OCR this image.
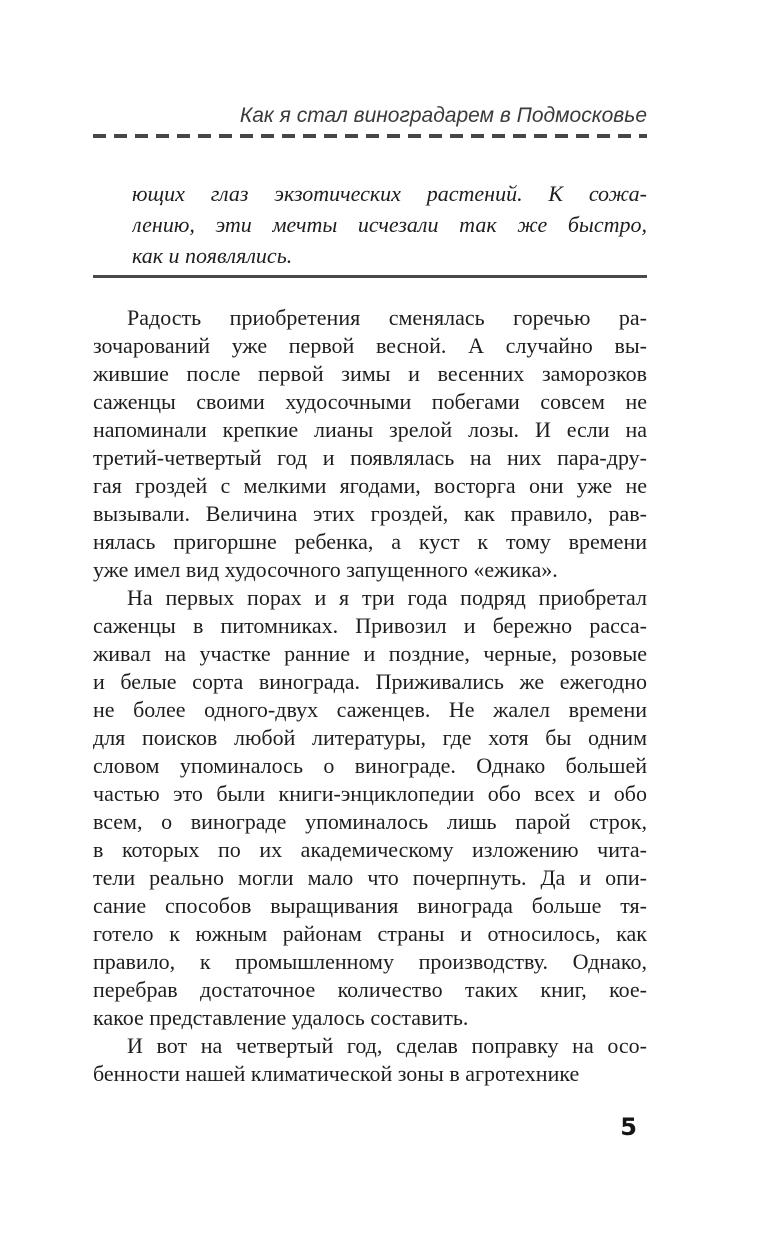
Как я стал виноградарем в Подмосковье
ющих глаз экзотических растений. К сожа-
лению, эти мечты исчезали так же быстро,
как и появлялись.
Радость приобретения сменялась горечью ра-
зочарований уже первой весной. А случайно вы-
жившие после первой зимы и весенних заморозков
саженцы своими худосочными побегами совсем не
напоминали крепкие лианы зрелой лозы. И если на
третий-четвертый год и появлялась на них пара-дру-
гая гроздей с мелкими ягодами, восторга они уже не
вызывали. Величина этих гроздей, как правило, рав-
нялась пригоршне ребенка, а куст к тому времени
уже имел вид худосочного запущенного «ежика».
На первых порах и я три года подряд приобретал
саженцы в питомниках. Привозил и бережно расса-
живал на участке ранние и поздние, черные, розовые
и белые сорта винограда. Приживались же ежегодно
не более одного-двух саженцев. Не жалел времени
для поисков любой литературы, где хотя бы одним
словом упоминалось о винограде. Однако большей
частью это были книги-энциклопедии обо всех и обо
всем, о винограде упоминалось лишь парой строк,
в которых по их академическому изложению чита-
тели реально могли мало что почерпнуть. Да и опи-
сание способов выращивания винограда больше тя-
готело к южным районам страны и относилось, как
правило, к промышленному производству. Однако,
перебрав достаточное количество таких книг, кое-
какое представление удалось составить.
И вот на четвертый год, сделав поправку на осо-
бенности нашей климатической зоны в агротехнике
5
